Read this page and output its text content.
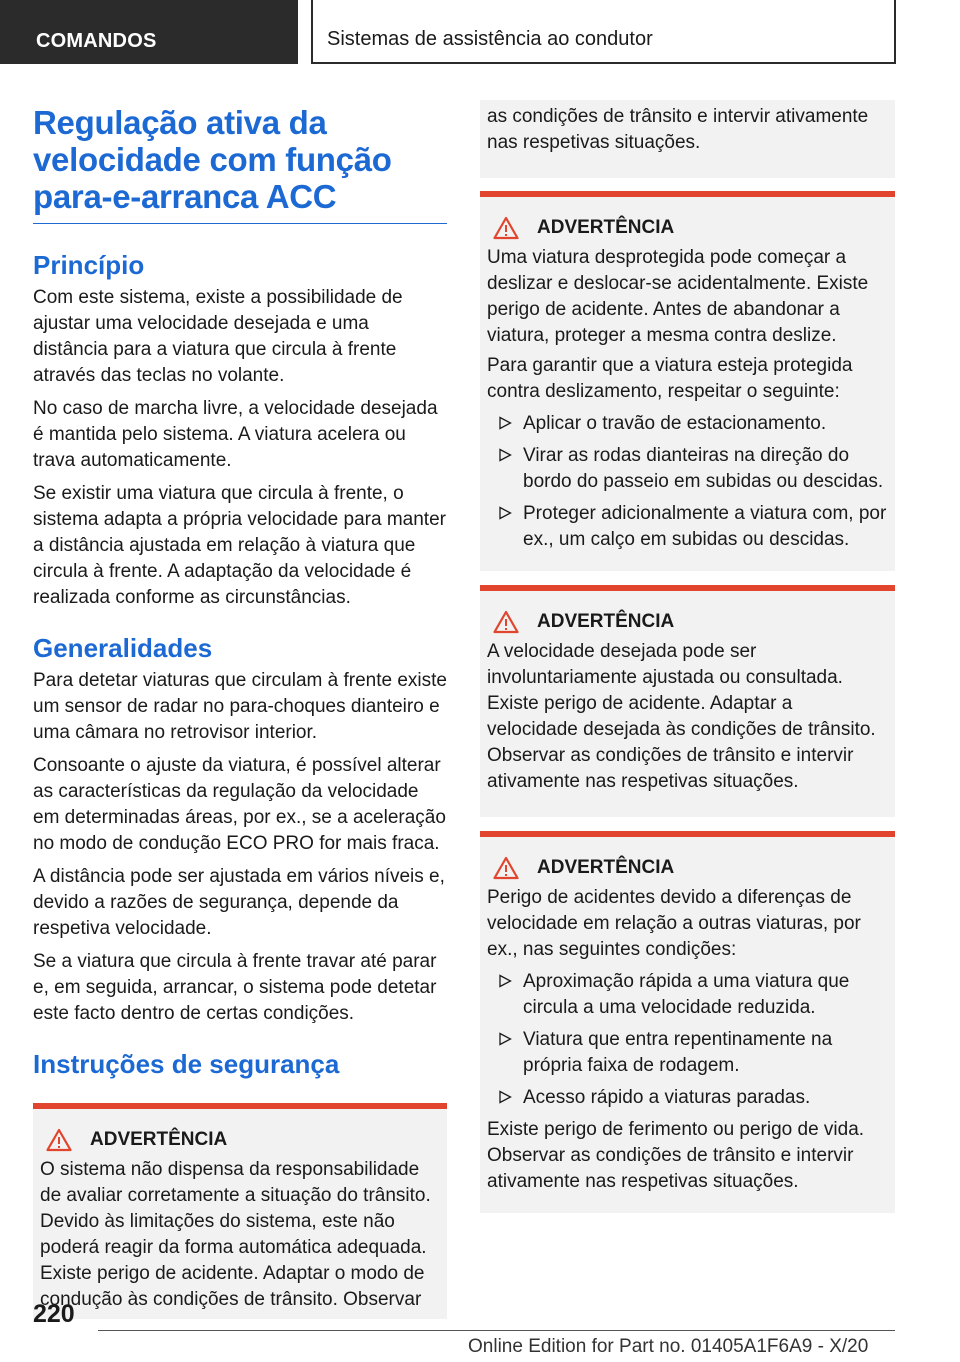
COMANDOS	Sistemas de assistência ao condutor
Regulação ativa da
velocidade com função
para-e-arranca ACC
Princípio

Com este sistema, existe a possibilidade de ajustar uma velocidade desejada e uma distância para a viatura que circula à frente através das teclas no volante.

No caso de marcha livre, a velocidade desejada é mantida pelo sistema. A viatura acelera ou trava automaticamente.

Se existir uma viatura que circula à frente, o sistema adapta a própria velocidade para manter a distância ajustada em relação à viatura que circula à frente. A adaptação da velocidade é realizada conforme as circunstâncias.

Generalidades

Para detetar viaturas que circulam à frente existe um sensor de radar no para-choques dianteiro e uma câmara no retrovisor interior.

Consoante o ajuste da viatura, é possível alterar as características da regulação da velocidade em determinadas áreas, por ex., se a aceleração no modo de condução ECO PRO for mais fraca.

A distância pode ser ajustada em vários níveis e, devido a razões de segurança, depende da respetiva velocidade.

Se a viatura que circula à frente travar até parar e, em seguida, arrancar, o sistema pode detetar este facto dentro de certas condições.

Instruções de segurança
ADVERTÊNCIA

O sistema não dispensa da responsabilidade de avaliar corretamente a situação do trânsito. Devido às limitações do sistema, este não poderá reagir da forma automática adequada. Existe perigo de acidente. Adaptar o modo de condução às condições de trânsito. Observar

as condições de trânsito e intervir ativamente nas respetivas situações.

ADVERTÊNCIA

Uma viatura desprotegida pode começar a deslizar e deslocar-se acidentalmente. Existe perigo de acidente. Antes de abandonar a viatura, proteger a mesma contra deslize.

Para garantir que a viatura esteja protegida contra deslizamento, respeitar o seguinte:

Aplicar o travão de estacionamento.
Virar as rodas dianteiras na direção do bordo do passeio em subidas ou descidas.
Proteger adicionalmente a viatura com, por ex., um calço em subidas ou descidas.
ADVERTÊNCIA

A velocidade desejada pode ser involuntariamente ajustada ou consultada. Existe perigo de acidente. Adaptar a velocidade desejada às condições de trânsito. Observar as condições de trânsito e intervir ativamente nas respetivas situações.

ADVERTÊNCIA

Perigo de acidentes devido a diferenças de velocidade em relação a outras viaturas, por ex., nas seguintes condições:

Aproximação rápida a uma viatura que circula a uma velocidade reduzida.
Viatura que entra repentinamente na própria faixa de rodagem.
Acesso rápido a viaturas paradas.

Existe perigo de ferimento ou perigo de vida. Observar as condições de trânsito e intervir ativamente nas respetivas situações.

220
Online Edition for Part no. 01405A1F6A9 - X/20
